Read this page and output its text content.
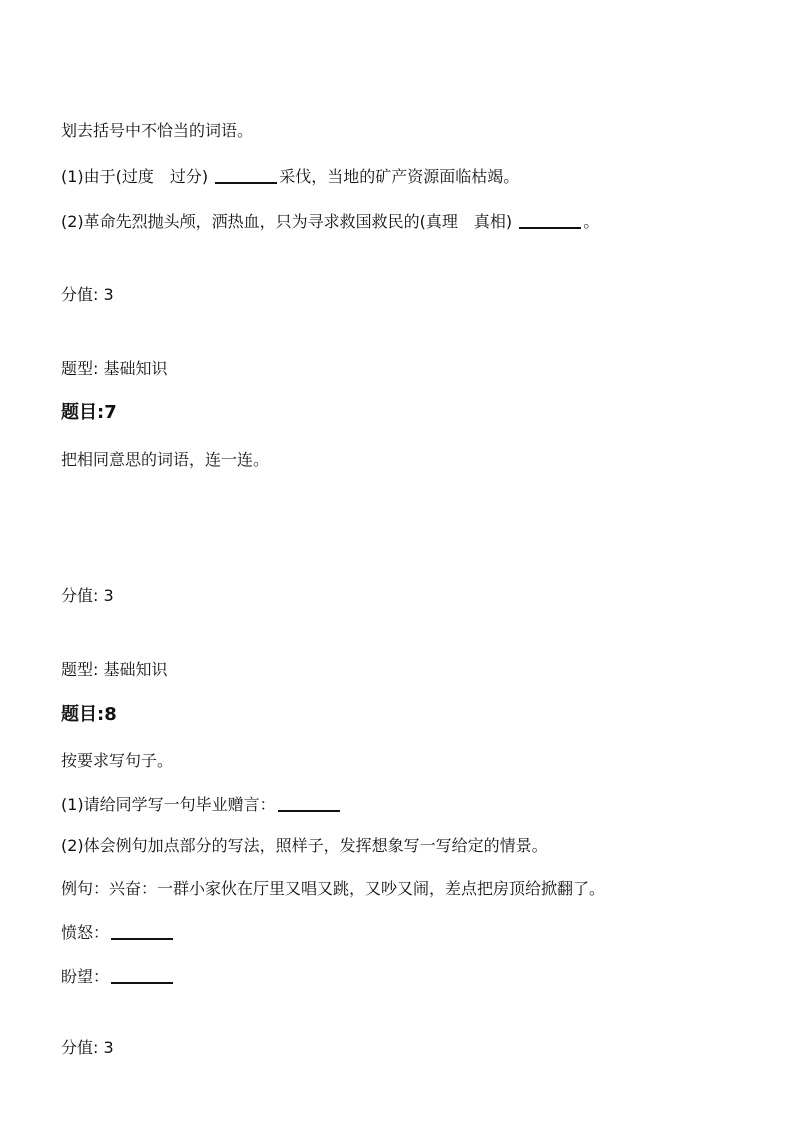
划去括号中不恰当的词语。
(1)由于(过度　过分)	采伐，当地的矿产资源面临枯竭。
(2)革命先烈抛头颅，洒热血，只为寻求救国救民的(真理　真相)	。
分值: 3
题型: 基础知识
题目:7
把相同意思的词语，连一连。
分值: 3
题型: 基础知识
题目:8
按要求写句子。
(1)请给同学写一句毕业赠言：
(2)体会例句加点部分的写法，照样子，发挥想象写一写给定的情景。
例句：兴奋：一群小家伙在厅里又唱又跳，又吵又闹，差点把房顶给掀翻了。
愤怒：
盼望：
分值: 3
